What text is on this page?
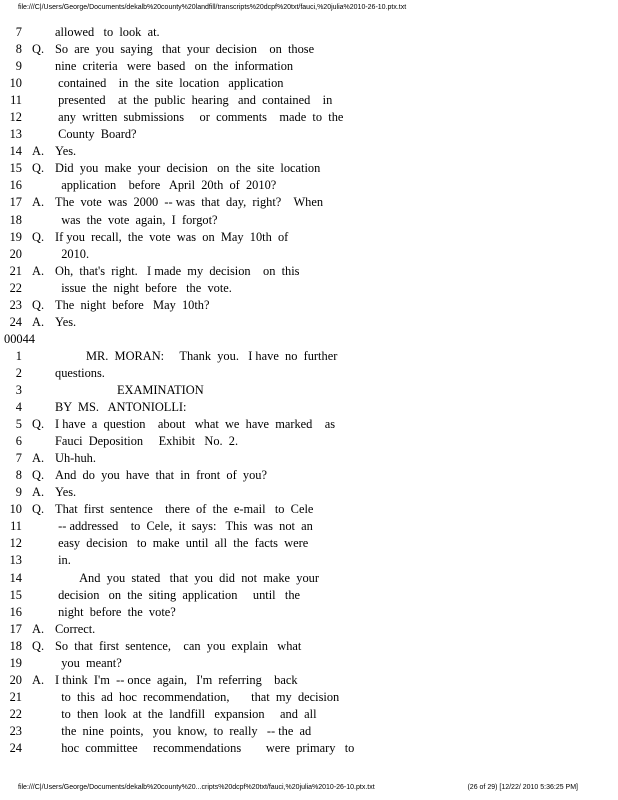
file:///C|/Users/George/Documents/dekalb%20county%20landfill/transcripts%20dcpf%20txt/fauci,%20julia%2010-26-10.ptx.txt
7	allowed   to  look  at.
8 Q. So  are  you  saying   that  your  decision    on  those
9	nine  criteria   were  based   on  the  information
10	contained    in  the  site  location   application
11	presented    at  the  public  hearing   and  contained    in
12	any  written  submissions     or  comments    made  to  the
13	County  Board?
14 A. Yes.
15 Q. Did  you  make  your  decision   on  the  site  location
16	application    before   April  20th  of  2010?
17 A. The  vote  was  2000  -- was  that  day,  right?    When
18	was  the  vote  again,  I  forgot?
19 Q. If you  recall,  the  vote  was  on  May  10th  of
20	2010.
21 A. Oh,  that's  right.   I made  my  decision    on  this
22	issue  the  night  before   the  vote.
23 Q. The  night  before   May  10th?
24 A. Yes.
00044
1	MR.  MORAN:     Thank  you.   I have  no  further
2	questions.
3	EXAMINATION
4	BY  MS.   ANTONIOLLI:
5 Q. I have  a  question    about   what  we  have  marked    as
6	Fauci  Deposition     Exhibit   No.  2.
7 A. Uh-huh.
8 Q. And  do  you  have  that  in  front  of  you?
9 A. Yes.
10 Q. That  first  sentence    there  of  the  e-mail   to  Cele
11	-- addressed    to  Cele,  it  says:   This  was  not  an
12	easy  decision   to  make  until  all  the  facts  were
13	in.
14	And  you  stated   that  you  did  not  make  your
15	decision   on  the  siting  application     until   the
16	night  before  the  vote?
17 A. Correct.
18 Q. So  that  first  sentence,    can  you  explain   what
19	you  meant?
20 A. I think  I'm  -- once  again,   I'm  referring    back
21	to  this  ad  hoc  recommendation,       that  my  decision
22	to  then  look  at  the  landfill   expansion     and  all
23	the  nine  points,   you  know,  to  really   -- the  ad
24	hoc  committee     recommendations        were  primary   to
file:///C|/Users/George/Documents/dekalb%20county%20...cripts%20dcpf%20txt/fauci,%20julia%2010-26-10.ptx.txt	(26 of 29) [12/22/ 2010 5:36:25 PM]
